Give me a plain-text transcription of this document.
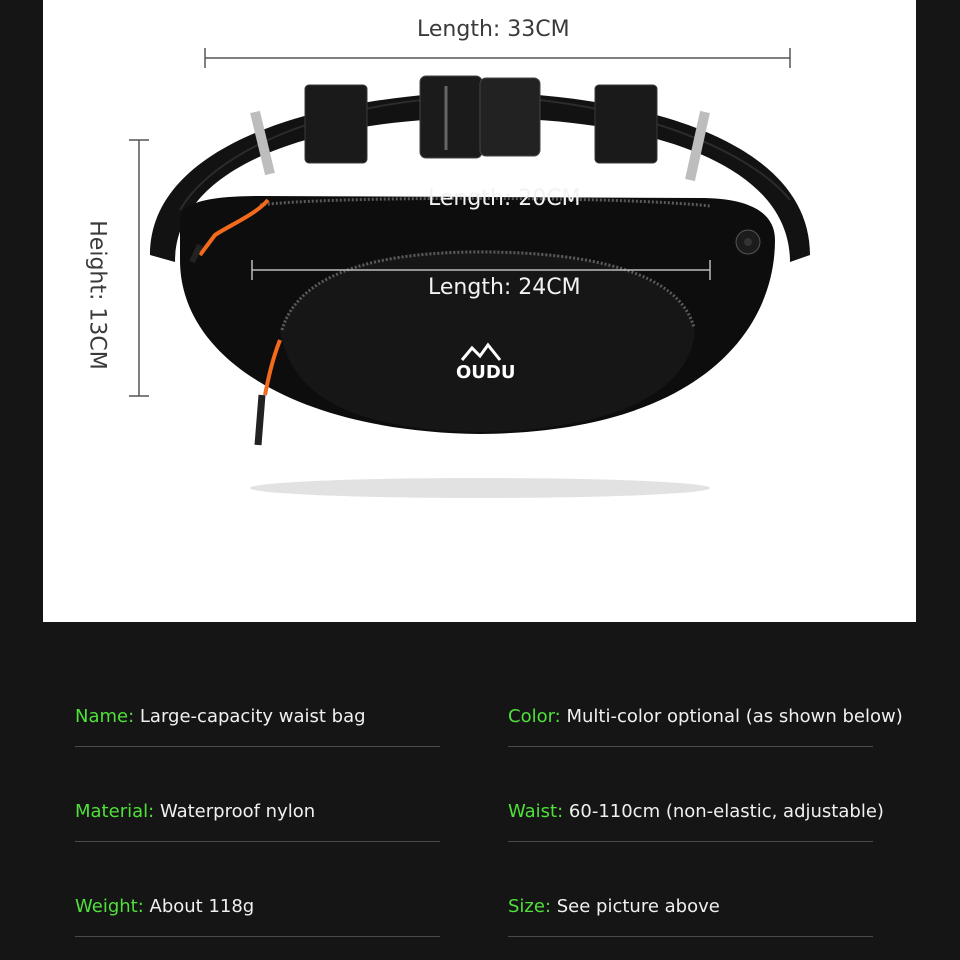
Length: 33CM
Length: 20CM
Length: 24CM
Height: 13CM
OUDU
Name: Large-capacity waist bag	Color: Multi-color optional (as shown below)
Material: Waterproof nylon	Waist: 60-110cm (non-elastic, adjustable)
Weight: About 118g	Size: See picture above
